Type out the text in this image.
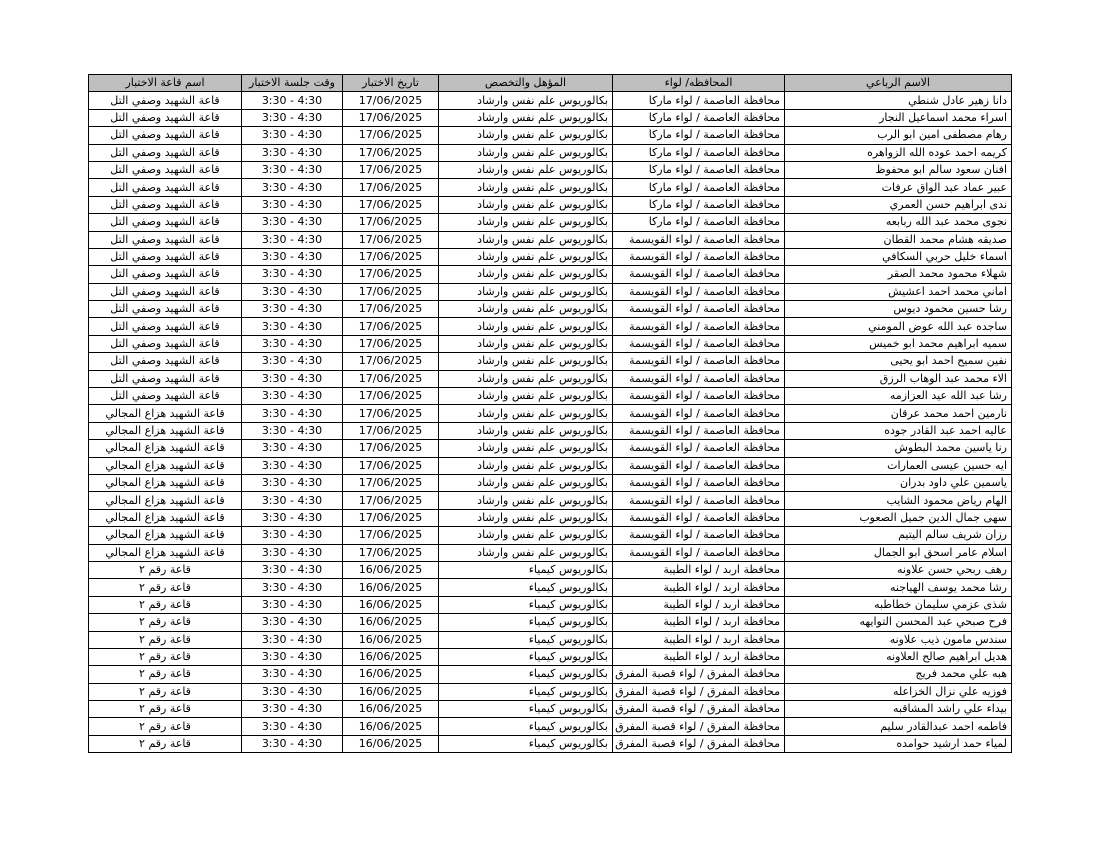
الاسم الرباعي	المحافظه/ لواء	المؤهل والتخصص	تاريخ الاختبار	وقت جلسة الاختبار	اسم قاعة الاختبار
دانا زهير عادل شنطي	محافظة العاصمة / لواء ماركا	بكالوريوس علم نفس وارشاد	17/06/2025	3:30 - 4:30	قاعة الشهيد وصفي التل
اسراء محمد اسماعيل النجار	محافظة العاصمة / لواء ماركا	بكالوريوس علم نفس وارشاد	17/06/2025	3:30 - 4:30	قاعة الشهيد وصفي التل
رهام مصطفى امين ابو الرب	محافظة العاصمة / لواء ماركا	بكالوريوس علم نفس وارشاد	17/06/2025	3:30 - 4:30	قاعة الشهيد وصفي التل
كريمه احمد عوده الله الزواهره	محافظة العاصمة / لواء ماركا	بكالوريوس علم نفس وارشاد	17/06/2025	3:30 - 4:30	قاعة الشهيد وصفي التل
افنان سعود سالم ابو محفوظ	محافظة العاصمة / لواء ماركا	بكالوريوس علم نفس وارشاد	17/06/2025	3:30 - 4:30	قاعة الشهيد وصفي التل
عبير عماد عبد الواق عرفات	محافظة العاصمة / لواء ماركا	بكالوريوس علم نفس وارشاد	17/06/2025	3:30 - 4:30	قاعة الشهيد وصفي التل
ندى ابراهيم حسن العمري	محافظة العاصمة / لواء ماركا	بكالوريوس علم نفس وارشاد	17/06/2025	3:30 - 4:30	قاعة الشهيد وصفي التل
نجوى محمد عبد الله ربابعه	محافظة العاصمة / لواء ماركا	بكالوريوس علم نفس وارشاد	17/06/2025	3:30 - 4:30	قاعة الشهيد وصفي التل
صديقه هشام محمد القطان	محافظة العاصمة / لواء القويسمة	بكالوريوس علم نفس وارشاد	17/06/2025	3:30 - 4:30	قاعة الشهيد وصفي التل
اسماء خليل حربي السكافي	محافظة العاصمة / لواء القويسمة	بكالوريوس علم نفس وارشاد	17/06/2025	3:30 - 4:30	قاعة الشهيد وصفي التل
شهلاء محمود محمد الصقر	محافظة العاصمة / لواء القويسمة	بكالوريوس علم نفس وارشاد	17/06/2025	3:30 - 4:30	قاعة الشهيد وصفي التل
اماني محمد احمد اعشيش	محافظة العاصمة / لواء القويسمة	بكالوريوس علم نفس وارشاد	17/06/2025	3:30 - 4:30	قاعة الشهيد وصفي التل
رشا حسين محمود ديوس	محافظة العاصمة / لواء القويسمة	بكالوريوس علم نفس وارشاد	17/06/2025	3:30 - 4:30	قاعة الشهيد وصفي التل
ساجده عبد الله عوض المومني	محافظة العاصمة / لواء القويسمة	بكالوريوس علم نفس وارشاد	17/06/2025	3:30 - 4:30	قاعة الشهيد وصفي التل
سميه ابراهيم محمد ابو خميس	محافظة العاصمة / لواء القويسمة	بكالوريوس علم نفس وارشاد	17/06/2025	3:30 - 4:30	قاعة الشهيد وصفي التل
نفين سميح احمد ابو يحيى	محافظة العاصمة / لواء القويسمة	بكالوريوس علم نفس وارشاد	17/06/2025	3:30 - 4:30	قاعة الشهيد وصفي التل
الاء محمد عبد الوهاب الرزق	محافظة العاصمة / لواء القويسمة	بكالوريوس علم نفس وارشاد	17/06/2025	3:30 - 4:30	قاعة الشهيد وصفي التل
رشا عبد الله عيد العزازمه	محافظة العاصمة / لواء القويسمة	بكالوريوس علم نفس وارشاد	17/06/2025	3:30 - 4:30	قاعة الشهيد وصفي التل
نارمين احمد محمد عرقان	محافظة العاصمة / لواء القويسمة	بكالوريوس علم نفس وارشاد	17/06/2025	3:30 - 4:30	قاعة الشهيد هزاع المجالي
عاليه احمد عبد القادر جوده	محافظة العاصمة / لواء القويسمة	بكالوريوس علم نفس وارشاد	17/06/2025	3:30 - 4:30	قاعة الشهيد هزاع المجالي
رنا ياسين محمد البطوش	محافظة العاصمة / لواء القويسمة	بكالوريوس علم نفس وارشاد	17/06/2025	3:30 - 4:30	قاعة الشهيد هزاع المجالي
ايه حسين عيسى العمارات	محافظة العاصمة / لواء القويسمة	بكالوريوس علم نفس وارشاد	17/06/2025	3:30 - 4:30	قاعة الشهيد هزاع المجالي
ياسمين علي داود بدران	محافظة العاصمة / لواء القويسمة	بكالوريوس علم نفس وارشاد	17/06/2025	3:30 - 4:30	قاعة الشهيد هزاع المجالي
الهام رياض محمود الشايب	محافظة العاصمة / لواء القويسمة	بكالوريوس علم نفس وارشاد	17/06/2025	3:30 - 4:30	قاعة الشهيد هزاع المجالي
سهى جمال الدين جميل الصعوب	محافظة العاصمة / لواء القويسمة	بكالوريوس علم نفس وارشاد	17/06/2025	3:30 - 4:30	قاعة الشهيد هزاع المجالي
رزان شريف سالم اليتيم	محافظة العاصمة / لواء القويسمة	بكالوريوس علم نفس وارشاد	17/06/2025	3:30 - 4:30	قاعة الشهيد هزاع المجالي
اسلام عامر اسحق ابو الجمال	محافظة العاصمة / لواء القويسمة	بكالوريوس علم نفس وارشاد	17/06/2025	3:30 - 4:30	قاعة الشهيد هزاع المجالي
رهف ربحي حسن علاونه	محافظة اربد / لواء الطيبة	بكالوريوس كيمياء	16/06/2025	3:30 - 4:30	قاعة رقم ٢
رشا محمد يوسف الهياجنه	محافظة اربد / لواء الطيبة	بكالوريوس كيمياء	16/06/2025	3:30 - 4:30	قاعة رقم ٢
شذى عزمي سليمان خطاطبه	محافظة اربد / لواء الطيبة	بكالوريوس كيمياء	16/06/2025	3:30 - 4:30	قاعة رقم ٢
فرح صبحي عبد المحسن التوايهه	محافظة اربد / لواء الطيبة	بكالوريوس كيمياء	16/06/2025	3:30 - 4:30	قاعة رقم ٢
سندس مامون ذيب علاونه	محافظة اربد / لواء الطيبة	بكالوريوس كيمياء	16/06/2025	3:30 - 4:30	قاعة رقم ٢
هديل ابراهيم صالح العلاونه	محافظة اربد / لواء الطيبة	بكالوريوس كيمياء	16/06/2025	3:30 - 4:30	قاعة رقم ٢
هبه علي محمد فريج	محافظة المفرق / لواء قصبة المفرق	بكالوريوس كيمياء	16/06/2025	3:30 - 4:30	قاعة رقم ٢
فوزيه علي نزال الخزاعله	محافظة المفرق / لواء قصبة المفرق	بكالوريوس كيمياء	16/06/2025	3:30 - 4:30	قاعة رقم ٢
بيداء علي راشد المشاقبه	محافظة المفرق / لواء قصبة المفرق	بكالوريوس كيمياء	16/06/2025	3:30 - 4:30	قاعة رقم ٢
فاطمه احمد عبدالقادر سليم	محافظة المفرق / لواء قصبة المفرق	بكالوريوس كيمياء	16/06/2025	3:30 - 4:30	قاعة رقم ٢
لمياء حمد ارشيد حوامده	محافظة المفرق / لواء قصبة المفرق	بكالوريوس كيمياء	16/06/2025	3:30 - 4:30	قاعة رقم ٢
